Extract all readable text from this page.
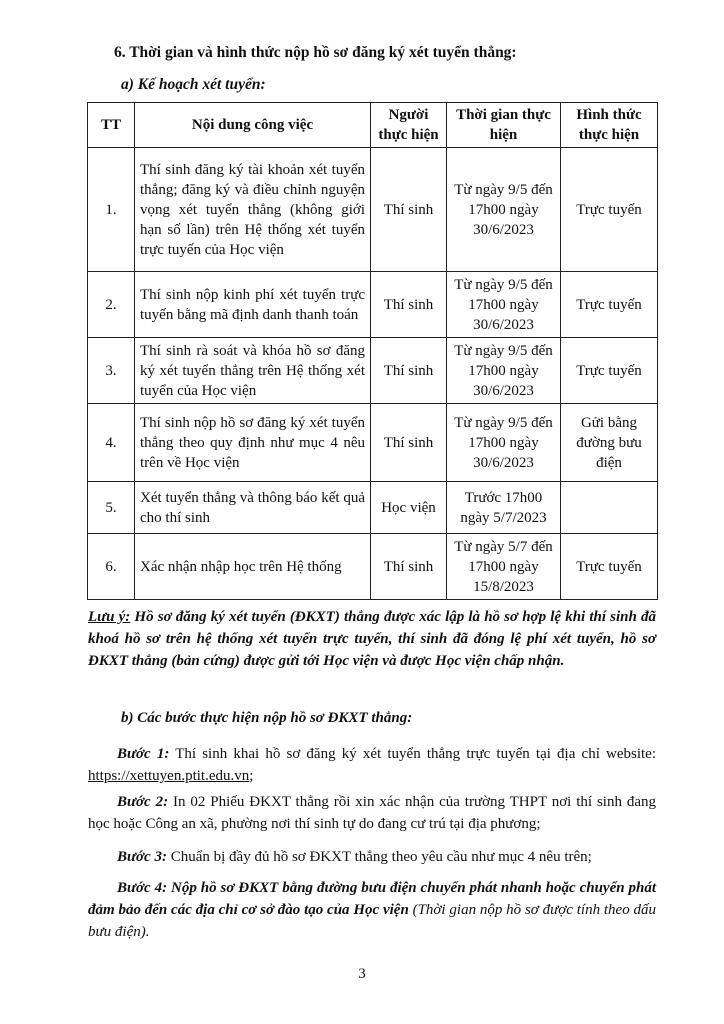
6. Thời gian và hình thức nộp hồ sơ đăng ký xét tuyển thẳng:
a) Kế hoạch xét tuyển:
TT	Nội dung công việc	Người thực hiện	Thời gian thực hiện	Hình thức thực hiện
1.	Thí sinh đăng ký tài khoản xét tuyển thẳng; đăng ký và điều chỉnh nguyện vọng xét tuyển thẳng (không giới hạn số lần) trên Hệ thống xét tuyển trực tuyến của Học viện	Thí sinh	Từ ngày 9/5 đến 17h00 ngày 30/6/2023	Trực tuyến
2.	Thí sinh nộp kinh phí xét tuyển trực tuyến bằng mã định danh thanh toán	Thí sinh	Từ ngày 9/5 đến 17h00 ngày 30/6/2023	Trực tuyến
3.	Thí sinh rà soát và khóa hồ sơ đăng ký xét tuyển thẳng trên Hệ thống xét tuyển của Học viện	Thí sinh	Từ ngày 9/5 đến 17h00 ngày 30/6/2023	Trực tuyến
4.	Thí sinh nộp hồ sơ đăng ký xét tuyển thẳng theo quy định như mục 4 nêu trên về Học viện	Thí sinh	Từ ngày 9/5 đến 17h00 ngày 30/6/2023	Gửi bằng đường bưu điện
5.	Xét tuyển thẳng và thông báo kết quả cho thí sinh	Học viện	Trước 17h00 ngày 5/7/2023	
6.	Xác nhận nhập học trên Hệ thống	Thí sinh	Từ ngày 5/7 đến 17h00 ngày 15/8/2023	Trực tuyến
Lưu ý: Hồ sơ đăng ký xét tuyển (ĐKXT) thẳng được xác lập là hồ sơ hợp lệ khi thí sinh đã khoá hồ sơ trên hệ thống xét tuyển trực tuyến, thí sinh đã đóng lệ phí xét tuyển, hồ sơ ĐKXT thẳng (bản cứng) được gửi tới Học viện và được Học viện chấp nhận.
b) Các bước thực hiện nộp hồ sơ ĐKXT thẳng:
Bước 1: Thí sinh khai hồ sơ đăng ký xét tuyển thẳng trực tuyến tại địa chỉ website: https://xettuyen.ptit.edu.vn;
Bước 2: In 02 Phiếu ĐKXT thẳng rồi xin xác nhận của trường THPT nơi thí sinh đang học hoặc Công an xã, phường nơi thí sinh tự do đang cư trú tại địa phương;
Bước 3: Chuẩn bị đầy đủ hồ sơ ĐKXT thẳng theo yêu cầu như mục 4 nêu trên;
Bước 4: Nộp hồ sơ ĐKXT bằng đường bưu điện chuyển phát nhanh hoặc chuyển phát đảm bảo đến các địa chỉ cơ sở đào tạo của Học viện (Thời gian nộp hồ sơ được tính theo dấu bưu điện).
3
